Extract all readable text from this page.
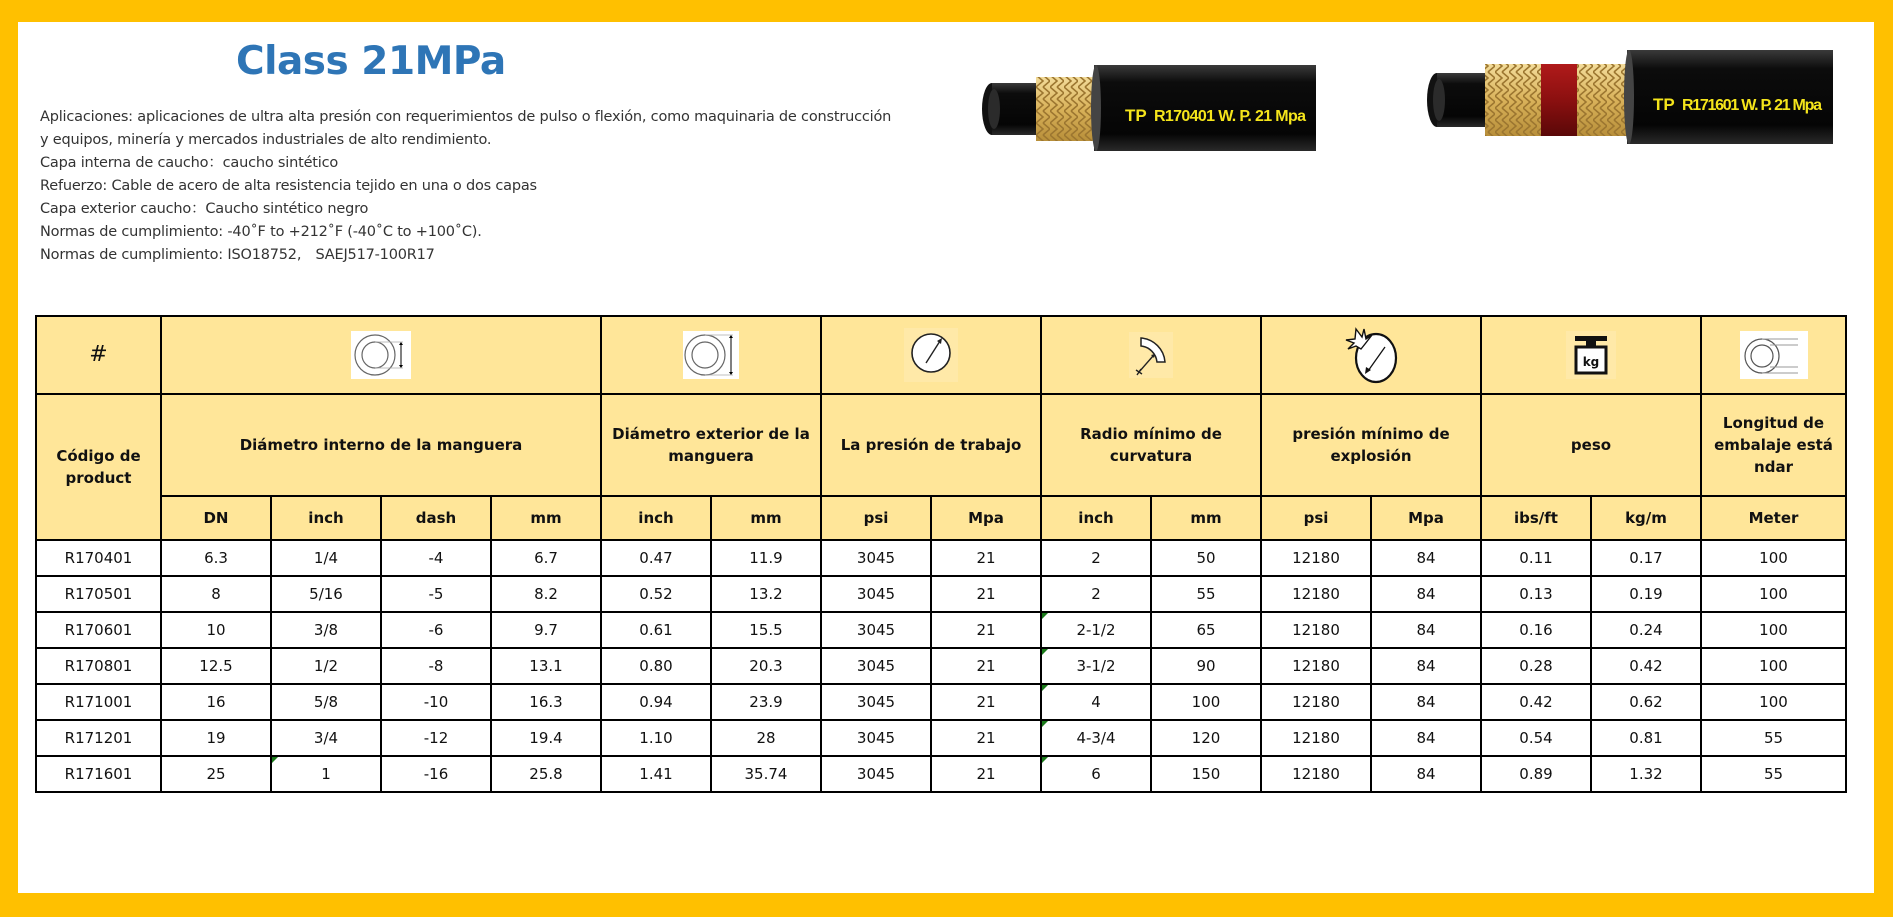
Class 21MPa

Aplicaciones: aplicaciones de ultra alta presión con requerimientos de pulso o flexión, como maquinaria de construcción y equipos, minería y mercados industriales de alto rendimiento.

Capa interna de caucho：caucho sintético

Refuerzo: Cable de acero de alta resistencia tejido en una o dos capas

Capa exterior caucho：Caucho sintético negro

Normas de cumplimiento: -40˚F to +212˚F (-40˚C to +100˚C).

Normas de cumplimiento: ISO18752,　SAEJ517-100R17

TP R170401 W. P. 21 Mpa
TP R171601 W. P. 21 Mpa
#													kg

Código de product	Diámetro interno de la manguera				Diámetro exterior de la manguera		La presión de trabajo		Radio mínimo de curvatura		presión mínimo de explosión		peso		Longitud de embalaje está ndar
	DN	inch	dash	mm	inch	mm	psi	Mpa	inch	mm	psi	Mpa	ibs/ft	kg/m	Meter
R170401	6.3	1/4	-4	6.7	0.47	11.9	3045	21	2	50	12180	84	0.11	0.17	100
R170501	8	5/16	-5	8.2	0.52	13.2	3045	21	2	55	12180	84	0.13	0.19	100
R170601	10	3/8	-6	9.7	0.61	15.5	3045	21	2-1/2	65	12180	84	0.16	0.24	100
R170801	12.5	1/2	-8	13.1	0.80	20.3	3045	21	3-1/2	90	12180	84	0.28	0.42	100
R171001	16	5/8	-10	16.3	0.94	23.9	3045	21	4	100	12180	84	0.42	0.62	100
R171201	19	3/4	-12	19.4	1.10	28	3045	21	4-3/4	120	12180	84	0.54	0.81	55
R171601	25	1	-16	25.8	1.41	35.74	3045	21	6	150	12180	84	0.89	1.32	55
